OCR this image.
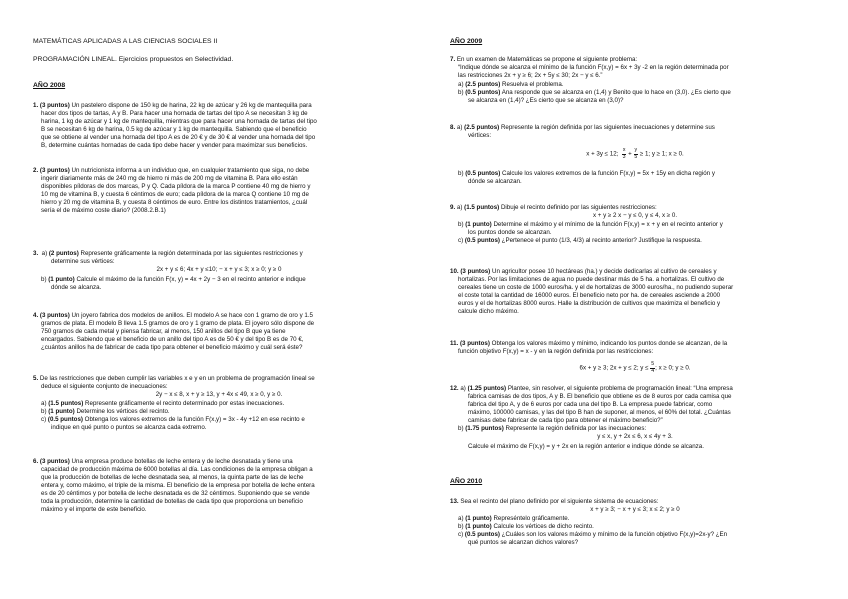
MATEMÁTICAS APLICADAS A LAS CIENCIAS SOCIALES II
PROGRAMACIÓN LINEAL. Ejercicios propuestos en Selectividad.
AÑO 2008
1. (3 puntos) Un pastelero dispone de 150 kg de harina, 22 kg de azúcar y 26 kg de mantequilla para
hacer dos tipos de tartas, A y B. Para hacer una hornada de tartas del tipo A se necesitan 3 kg de
harina, 1 kg de azúcar y 1 kg de mantequilla, mientras que para hacer una hornada de tartas del tipo
B se necesitan 6 kg de harina, 0.5 kg de azúcar y 1 kg de mantequilla. Sabiendo que el beneficio
que se obtiene al vender una hornada del tipo A es de 20 € y de 30 € al vender una hornada del tipo
B, determine cuántas hornadas de cada tipo debe hacer y vender para maximizar sus beneficios.
2. (3 puntos) Un nutricionista informa a un individuo que, en cualquier tratamiento que siga, no debe
ingerir diariamente más de 240 mg de hierro ni más de 200 mg de vitamina B. Para ello están
disponibles píldoras de dos marcas, P y Q. Cada píldora de la marca P contiene 40 mg de hierro y
10 mg de vitamina B, y cuesta 6 céntimos de euro; cada píldora de la marca Q contiene 10 mg de
hierro y 20 mg de vitamina B, y cuesta 8 céntimos de euro. Entre los distintos tratamientos, ¿cuál
sería el de máximo coste diario? (2008.2.B.1)
3. a) (2 puntos) Represente gráficamente la región determinada por las siguientes restricciones y
determine sus vértices:
2x + y ≤ 6; 4x + y ≤10; − x + y ≤ 3; x ≥ 0; y ≥ 0
b) (1 punto) Calcule el máximo de la función F(x, y) = 4x + 2y − 3 en el recinto anterior e indique
dónde se alcanza.
4. (3 puntos) Un joyero fabrica dos modelos de anillos. El modelo A se hace con 1 gramo de oro y 1.5
gramos de plata. El modelo B lleva 1.5 gramos de oro y 1 gramo de plata. El joyero sólo dispone de
750 gramos de cada metal y piensa fabricar, al menos, 150 anillos del tipo B que ya tiene
encargados. Sabiendo que el beneficio de un anillo del tipo A es de 50 € y del tipo B es de 70 €,
¿cuántos anillos ha de fabricar de cada tipo para obtener el beneficio máximo y cuál será éste?
5. De las restricciones que deben cumplir las variables x e y en un problema de programación lineal se
deduce el siguiente conjunto de inecuaciones:
2y − x ≤ 8, x + y ≥ 13, y + 4x ≤ 49, x ≥ 0, y ≥ 0.
a) (1.5 puntos) Represente gráficamente el recinto determinado por estas inecuaciones.
b) (1 punto) Determine los vértices del recinto.
c) (0.5 puntos) Obtenga los valores extremos de la función F(x,y) = 3x - 4y +12 en ese recinto e
indique en qué punto o puntos se alcanza cada extremo.
6. (3 puntos) Una empresa produce botellas de leche entera y de leche desnatada y tiene una
capacidad de producción máxima de 6000 botellas al día. Las condiciones de la empresa obligan a
que la producción de botellas de leche desnatada sea, al menos, la quinta parte de las de leche
entera y, como máximo, el triple de la misma. El beneficio de la empresa por botella de leche entera
es de 20 céntimos y por botella de leche desnatada es de 32 céntimos. Suponiendo que se vende
toda la producción, determine la cantidad de botellas de cada tipo que proporciona un beneficio
máximo y el importe de este beneficio.
AÑO 2009
7. En un examen de Matemáticas se propone el siguiente problema:
“Indique dónde se alcanza el mínimo de la función F(x,y) = 6x + 3y -2 en la región determinada por
las restricciones 2x + y ≥ 6; 2x + 5y ≤ 30; 2x − y ≤ 6.”
a) (2.5 puntos) Resuelva el problema.
b) (0.5 puntos) Ana responde que se alcanza en (1,4) y Benito que lo hace en (3,0). ¿Es cierto que
se alcanza en (1,4)? ¿Es cierto que se alcanza en (3,0)?
8. a) (2.5 puntos) Represente la región definida por las siguientes inecuaciones y determine sus
vértices:
x + 3y ≤ 12; $\frac{x}{3} + \frac{y}{5} \ge 1$; y ≥ 1; x ≥ 0.
b) (0.5 puntos) Calcule los valores extremos de la función F(x,y) = 5x + 15y en dicha región y
dónde se alcanzan.
9. a) (1.5 puntos) Dibuje el recinto definido por las siguientes restricciones:
x + y ≥ 2 x − y ≤ 0, y ≤ 4, x ≥ 0.
b) (1 punto) Determine el máximo y el mínimo de la función F(x,y) = x + y en el recinto anterior y
los puntos donde se alcanzan.
c) (0.5 puntos) ¿Pertenece el punto (1/3, 4/3) al recinto anterior? Justifique la respuesta.
10. (3 puntos) Un agricultor posee 10 hectáreas (ha.) y decide dedicarlas al cultivo de cereales y
hortalizas. Por las limitaciones de agua no puede destinar más de 5 ha. a hortalizas. El cultivo de
cereales tiene un coste de 1000 euros/ha. y el de hortalizas de 3000 euros/ha., no pudiendo superar
el coste total la cantidad de 16000 euros. El beneficio neto por ha. de cereales asciende a 2000
euros y el de hortalizas 8000 euros. Halle la distribución de cultivos que maximiza el beneficio y
calcule dicho máximo.
11. (3 puntos) Obtenga los valores máximo y mínimo, indicando los puntos donde se alcanzan, de la
función objetivo F(x,y) = x - y en la región definida por las restricciones:
6x + y ≥ 3; 2x + y ≤ 2; $y \le \frac{5}{4}$ ; x ≥ 0; y ≥ 0.
12. a) (1.25 puntos) Plantee, sin resolver, el siguiente problema de programación lineal: “Una empresa
fabrica camisas de dos tipos, A y B. El beneficio que obtiene es de 8 euros por cada camisa que
fabrica del tipo A, y de 6 euros por cada una del tipo B. La empresa puede fabricar, como
máximo, 100000 camisas, y las del tipo B han de suponer, al menos, el 60% del total. ¿Cuántas
camisas debe fabricar de cada tipo para obtener el máximo beneficio?”
b) (1.75 puntos) Represente la región definida por las inecuaciones:
y ≤ x, y + 2x ≤ 6, x ≤ 4y + 3.
Calcule el máximo de F(x,y) = y + 2x en la región anterior e indique dónde se alcanza.
AÑO 2010
13. Sea el recinto del plano definido por el siguiente sistema de ecuaciones:
x + y ≥ 3; − x + y ≤ 3; x ≤ 2; y ≥ 0
a) (1 punto) Represéntelo gráficamente.
b) (1 punto) Calcule los vértices de dicho recinto.
c) (0.5 puntos) ¿Cuáles son los valores máximo y mínimo de la función objetivo F(x,y)=2x-y? ¿En
qué puntos se alcanzan dichos valores?
